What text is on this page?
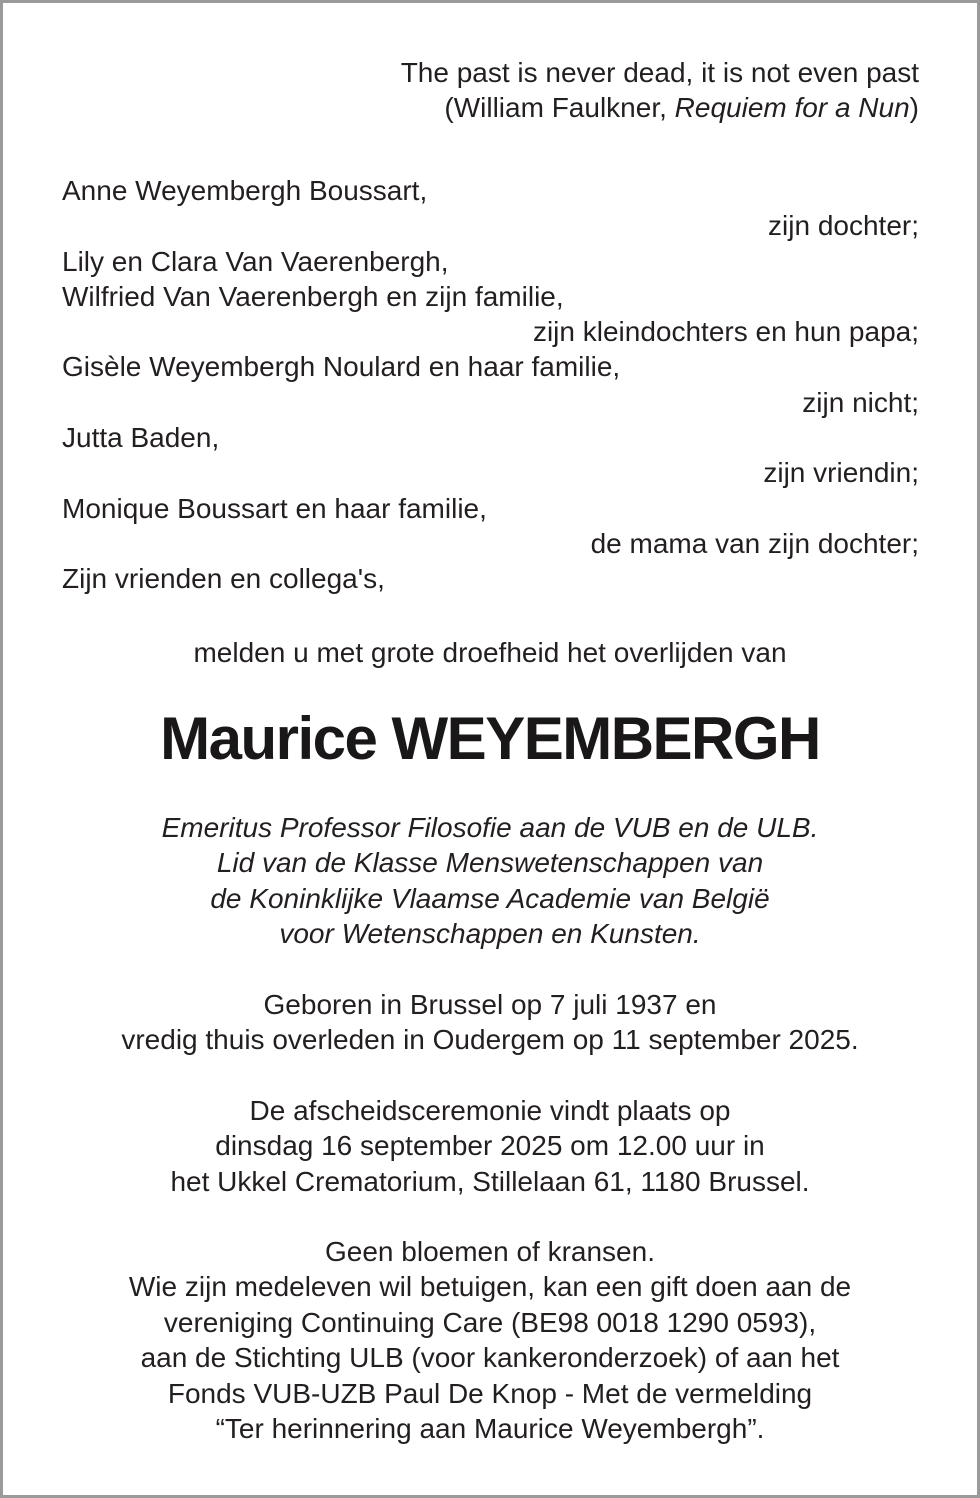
The past is never dead, it is not even past
(William Faulkner, Requiem for a Nun)
Anne Weyembergh Boussart,
zijn dochter;
Lily en Clara Van Vaerenbergh,
Wilfried Van Vaerenbergh en zijn familie,
zijn kleindochters en hun papa;
Gisèle Weyembergh Noulard en haar familie,
zijn nicht;
Jutta Baden,
zijn vriendin;
Monique Boussart en haar familie,
de mama van zijn dochter;
Zijn vrienden en collega's,
melden u met grote droefheid het overlijden van
Maurice WEYEMBERGH
Emeritus Professor Filosofie aan de VUB en de ULB.
Lid van de Klasse Menswetenschappen van
de Koninklijke Vlaamse Academie van België
voor Wetenschappen en Kunsten.
Geboren in Brussel op 7 juli 1937 en
vredig thuis overleden in Oudergem op 11 september 2025.
De afscheidsceremonie vindt plaats op
dinsdag 16 september 2025 om 12.00 uur in
het Ukkel Crematorium, Stillelaan 61, 1180 Brussel.
Geen bloemen of kransen.
Wie zijn medeleven wil betuigen, kan een gift doen aan de
vereniging Continuing Care (BE98 0018 1290 0593),
aan de Stichting ULB (voor kankeronderzoek) of aan het
Fonds VUB-UZB Paul De Knop - Met de vermelding
“Ter herinnering aan Maurice Weyembergh”.
